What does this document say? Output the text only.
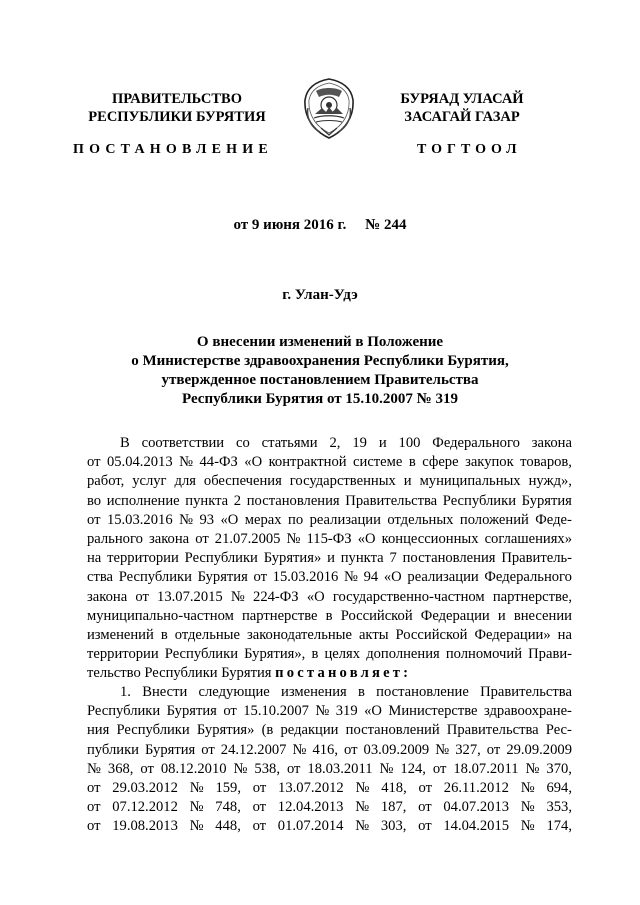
ПРАВИТЕЛЬСТВО
РЕСПУБЛИКИ БУРЯТИЯ
БУРЯАД УЛАСАЙ
ЗАСАГАЙ ГАЗАР
ПОСТАНОВЛЕНИЕ	ТОГТООЛ
от 9 июня 2016 г. № 244
г. Улан-Удэ
О внесении изменений в Положение
о Министерстве здравоохранения Республики Бурятия,
утвержденное постановлением Правительства
Республики Бурятия от 15.10.2007 № 319
В соответствии со статьями 2, 19 и 100 Федерального закона
от 05.04.2013 № 44-ФЗ «О контрактной системе в сфере закупок товаров,
работ, услуг для обеспечения государственных и муниципальных нужд»,
во исполнение пункта 2 постановления Правительства Республики Бурятия
от 15.03.2016 № 93 «О мерах по реализации отдельных положений Феде-
рального закона от 21.07.2005 № 115-ФЗ «О концессионных соглашениях»
на территории Республики Бурятия» и пункта 7 постановления Правитель-
ства Республики Бурятия от 15.03.2016 № 94 «О реализации Федерального
закона от 13.07.2015 № 224-ФЗ «О государственно-частном партнерстве,
муниципально-частном партнерстве в Российской Федерации и внесении
изменений в отдельные законодательные акты Российской Федерации» на
территории Республики Бурятия», в целях дополнения полномочий Прави-
тельство Республики Бурятия постановляет:
1. Внести следующие изменения в постановление Правительства
Республики Бурятия от 15.10.2007 № 319 «О Министерстве здравоохране-
ния Республики Бурятия» (в редакции постановлений Правительства Рес-
публики Бурятия от 24.12.2007 № 416, от 03.09.2009 № 327, от 29.09.2009
№ 368, от 08.12.2010 № 538, от 18.03.2011 № 124, от 18.07.2011 № 370,
от 29.03.2012 № 159, от 13.07.2012 № 418, от 26.11.2012 № 694,
от 07.12.2012 № 748, от 12.04.2013 № 187, от 04.07.2013 № 353,
от 19.08.2013 № 448, от 01.07.2014 № 303, от 14.04.2015 № 174,
